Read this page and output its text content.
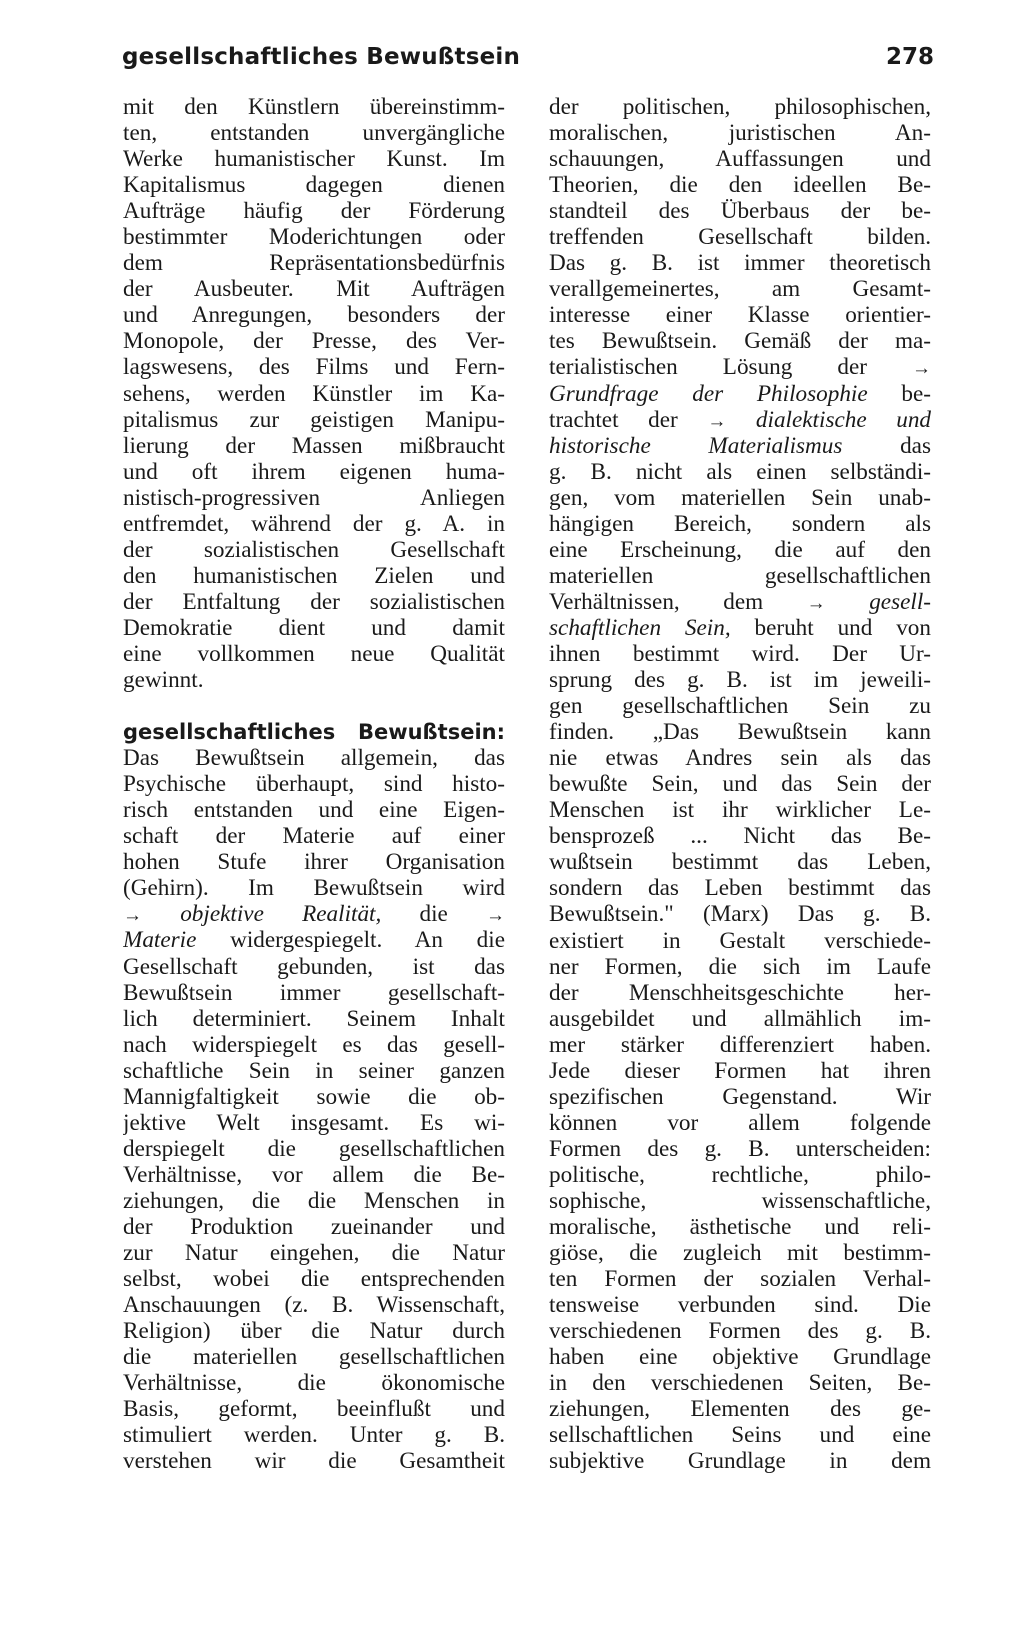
gesellschaftliches Bewußtsein	278
mit den Künstlern übereinstimm-
ten, entstanden unvergängliche
Werke humanistischer Kunst. Im
Kapitalismus dagegen dienen
Aufträge häufig der Förderung
bestimmter Moderichtungen oder
dem Repräsentationsbedürfnis
der Ausbeuter. Mit Aufträgen
und Anregungen, besonders der
Monopole, der Presse, des Ver-
lagswesens, des Films und Fern-
sehens, werden Künstler im Ka-
pitalismus zur geistigen Manipu-
lierung der Massen mißbraucht
und oft ihrem eigenen huma-
nistisch-progressiven Anliegen
entfremdet, während der g. A. in
der sozialistischen Gesellschaft
den humanistischen Zielen und
der Entfaltung der sozialistischen
Demokratie dient und damit
eine vollkommen neue Qualität
gewinnt.
gesellschaftliches Bewußtsein:
Das Bewußtsein allgemein, das
Psychische überhaupt, sind histo-
risch entstanden und eine Eigen-
schaft der Materie auf einer
hohen Stufe ihrer Organisation
(Gehirn). Im Bewußtsein wird
→ objektive Realität, die →
Materie widergespiegelt. An die
Gesellschaft gebunden, ist das
Bewußtsein immer gesellschaft-
lich determiniert. Seinem Inhalt
nach widerspiegelt es das gesell-
schaftliche Sein in seiner ganzen
Mannigfaltigkeit sowie die ob-
jektive Welt insgesamt. Es wi-
derspiegelt die gesellschaftlichen
Verhältnisse, vor allem die Be-
ziehungen, die die Menschen in
der Produktion zueinander und
zur Natur eingehen, die Natur
selbst, wobei die entsprechenden
Anschauungen (z. B. Wissenschaft,
Religion) über die Natur durch
die materiellen gesellschaftlichen
Verhältnisse, die ökonomische
Basis, geformt, beeinflußt und
stimuliert werden. Unter g. B.
verstehen wir die Gesamtheit
der politischen, philosophischen,
moralischen, juristischen An-
schauungen, Auffassungen und
Theorien, die den ideellen Be-
standteil des Überbaus der be-
treffenden Gesellschaft bilden.
Das g. B. ist immer theoretisch
verallgemeinertes, am Gesamt-
interesse einer Klasse orientier-
tes Bewußtsein. Gemäß der ma-
terialistischen Lösung der →
Grundfrage der Philosophie be-
trachtet der → dialektische und
historische Materialismus das
g. B. nicht als einen selbständi-
gen, vom materiellen Sein unab-
hängigen Bereich, sondern als
eine Erscheinung, die auf den
materiellen gesellschaftlichen
Verhältnissen, dem → gesell-
schaftlichen Sein, beruht und von
ihnen bestimmt wird. Der Ur-
sprung des g. B. ist im jeweili-
gen gesellschaftlichen Sein zu
finden. „Das Bewußtsein kann
nie etwas Andres sein als das
bewußte Sein, und das Sein der
Menschen ist ihr wirklicher Le-
bensprozeß ... Nicht das Be-
wußtsein bestimmt das Leben,
sondern das Leben bestimmt das
Bewußtsein." (Marx) Das g. B.
existiert in Gestalt verschiede-
ner Formen, die sich im Laufe
der Menschheitsgeschichte her-
ausgebildet und allmählich im-
mer stärker differenziert haben.
Jede dieser Formen hat ihren
spezifischen Gegenstand. Wir
können vor allem folgende
Formen des g. B. unterscheiden:
politische, rechtliche, philo-
sophische, wissenschaftliche,
moralische, ästhetische und reli-
giöse, die zugleich mit bestimm-
ten Formen der sozialen Verhal-
tensweise verbunden sind. Die
verschiedenen Formen des g. B.
haben eine objektive Grundlage
in den verschiedenen Seiten, Be-
ziehungen, Elementen des ge-
sellschaftlichen Seins und eine
subjektive Grundlage in dem
